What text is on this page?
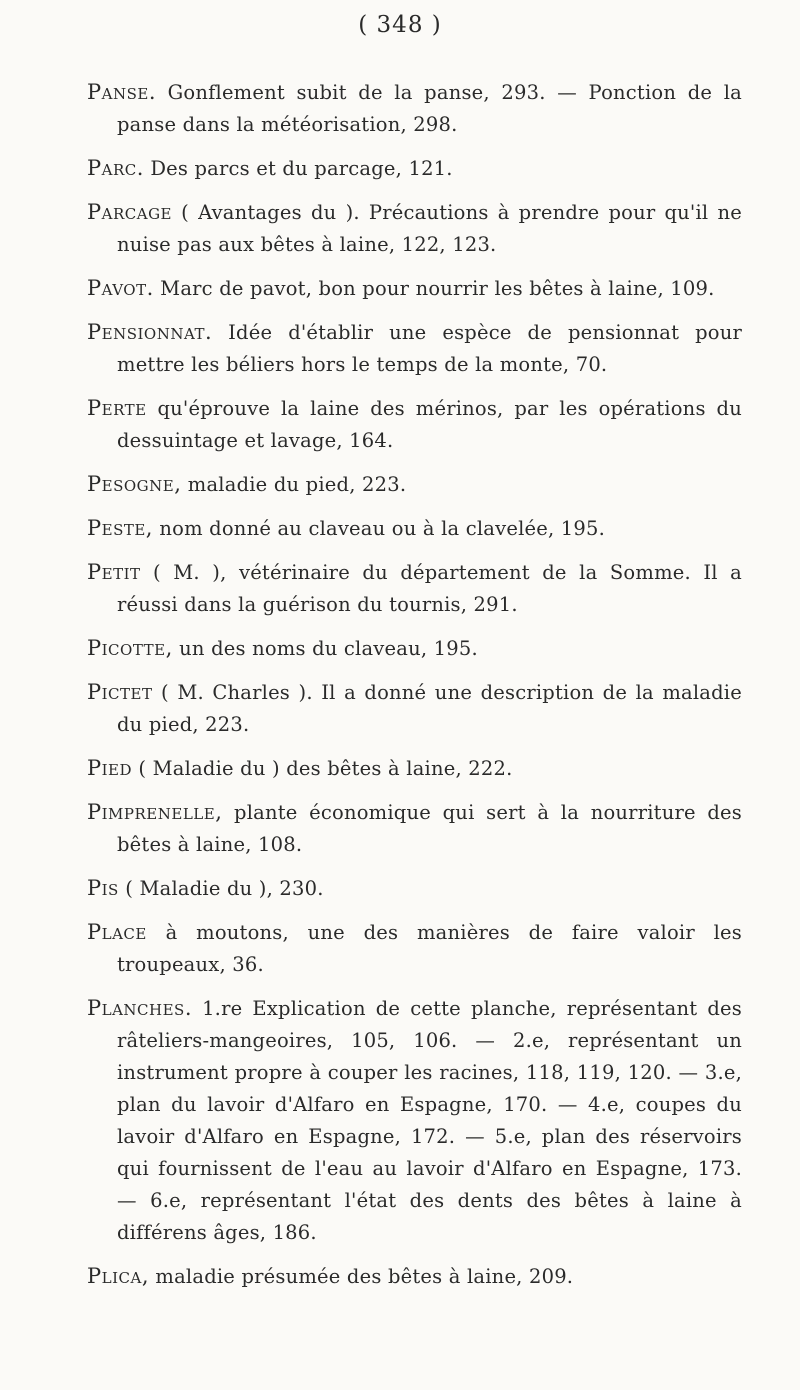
( 348 )

Panse. Gonflement subit de la panse, 293. — Ponction de la panse dans la météorisation, 298.

Parc. Des parcs et du parcage, 121.

Parcage ( Avantages du ). Précautions à prendre pour qu'il ne nuise pas aux bêtes à laine, 122, 123.

Pavot. Marc de pavot, bon pour nourrir les bêtes à laine, 109.

Pensionnat. Idée d'établir une espèce de pensionnat pour mettre les béliers hors le temps de la monte, 70.

Perte qu'éprouve la laine des mérinos, par les opérations du dessuintage et lavage, 164.

Pesogne, maladie du pied, 223.

Peste, nom donné au claveau ou à la clavelée, 195.

Petit ( M. ), vétérinaire du département de la Somme. Il a réussi dans la guérison du tournis, 291.

Picotte, un des noms du claveau, 195.

Pictet ( M. Charles ). Il a donné une description de la maladie du pied, 223.

Pied ( Maladie du ) des bêtes à laine, 222.

Pimprenelle, plante économique qui sert à la nourriture des bêtes à laine, 108.

Pis ( Maladie du ), 230.

Place à moutons, une des manières de faire valoir les troupeaux, 36.

Planches. 1.re Explication de cette planche, représentant des râteliers-mangeoires, 105, 106. — 2.e, représentant un instrument propre à couper les racines, 118, 119, 120. — 3.e, plan du lavoir d'Alfaro en Espagne, 170. — 4.e, coupes du lavoir d'Alfaro en Espagne, 172. — 5.e, plan des réservoirs qui fournissent de l'eau au lavoir d'Alfaro en Espagne, 173. — 6.e, représentant l'état des dents des bêtes à laine à différens âges, 186.

Plica, maladie présumée des bêtes à laine, 209.
